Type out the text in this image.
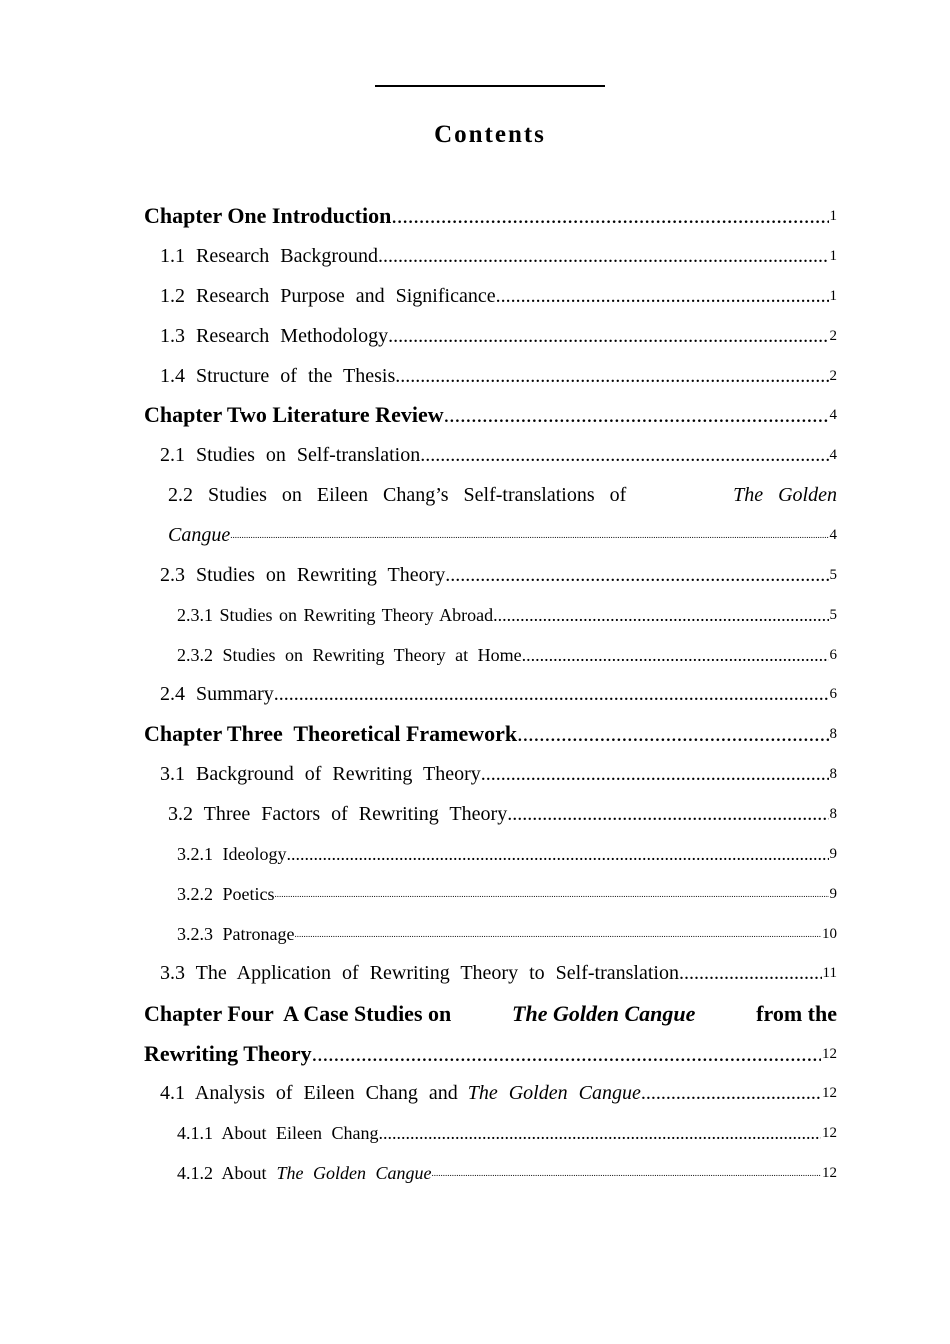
Contents
Chapter One Introduction .....	1
1.1 Research Background .....	1
1.2 Research Purpose and Significance .....	1
1.3 Research Methodology .....	2
1.4 Structure of the Thesis .....	2
Chapter Two Literature Review .....	4
2.1 Studies on Self-translation .....	4
2.2 Studies on Eileen Chang’s Self-translations of	The Golden
Cangue .....	4
2.3 Studies on Rewriting Theory .....	5
2.3.1 Studies on Rewriting Theory Abroad .....	5
2.3.2 Studies on Rewriting Theory at Home .....	6
2.4 Summary .....	6
Chapter Three  Theoretical Framework .....	8
3.1 Background of Rewriting Theory .....	8
3.2 Three Factors of Rewriting Theory .....	8
3.2.1 Ideology .....	9
3.2.2 Poetics .....	9
3.2.3 Patronage .....	10
3.3 The Application of Rewriting Theory to Self-translation .....	11
Chapter Four  A Case Studies on	The Golden Cangue	from the
Rewriting Theory .....	12
4.1 Analysis of Eileen Chang and The Golden Cangue .....	12
4.1.1 About Eileen Chang .....	12
4.1.2 About The Golden Cangue .....	12
